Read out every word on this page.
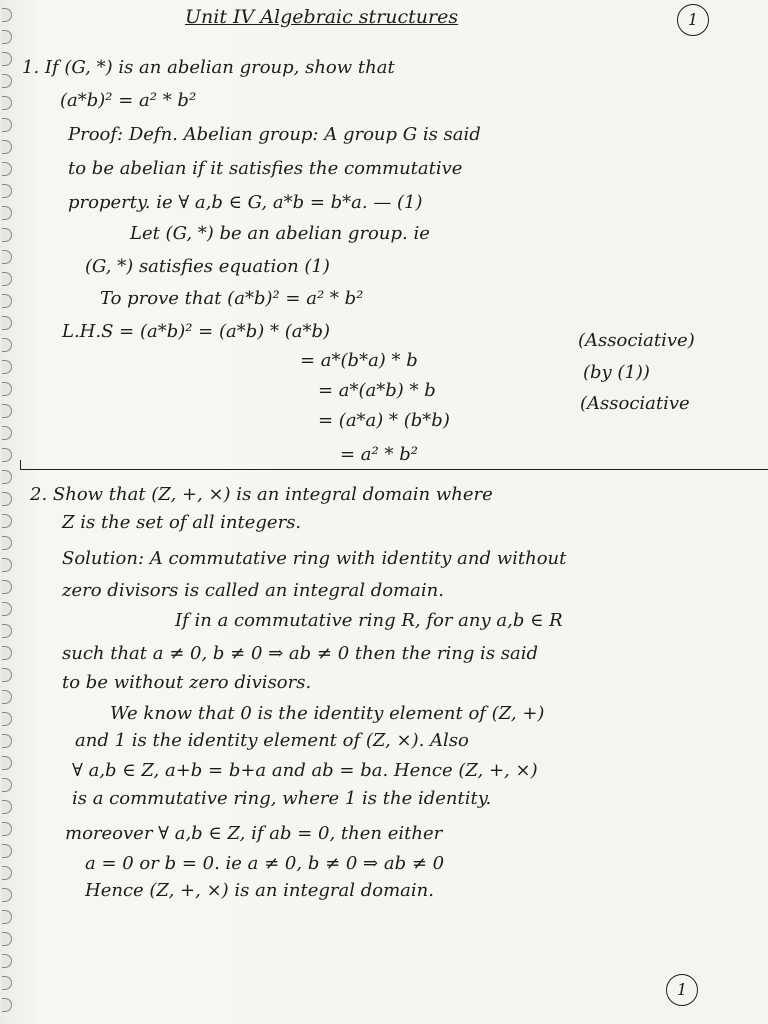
Unit IV Algebraic structures	1
1. If (G, *) is an abelian group, show that
(a*b)² = a² * b²
Proof: Defn. Abelian group: A group G is said
to be abelian if it satisfies the commutative
property. ie ∀ a,b ∈ G, a*b = b*a. — (1)
Let (G, *) be an abelian group. ie
(G, *) satisfies equation (1)
To prove that (a*b)² = a² * b²
L.H.S = (a*b)² = (a*b) * (a*b)
= a*(b*a) * b
= a*(a*b) * b
= (a*a) * (b*b)
= a² * b²
(Associative)
(by (1))
(Associative
2. Show that (Z, +, ×) is an integral domain where
Z is the set of all integers.
Solution: A commutative ring with identity and without
zero divisors is called an integral domain.
If in a commutative ring R, for any a,b ∈ R
such that a ≠ 0, b ≠ 0 ⇒ ab ≠ 0 then the ring is said
to be without zero divisors.
We know that 0 is the identity element of (Z, +)
and 1 is the identity element of (Z, ×). Also
∀ a,b ∈ Z, a+b = b+a and ab = ba. Hence (Z, +, ×)
is a commutative ring, where 1 is the identity.
moreover ∀ a,b ∈ Z, if ab = 0, then either
a = 0 or b = 0. ie a ≠ 0, b ≠ 0 ⇒ ab ≠ 0
Hence (Z, +, ×) is an integral domain.
1
